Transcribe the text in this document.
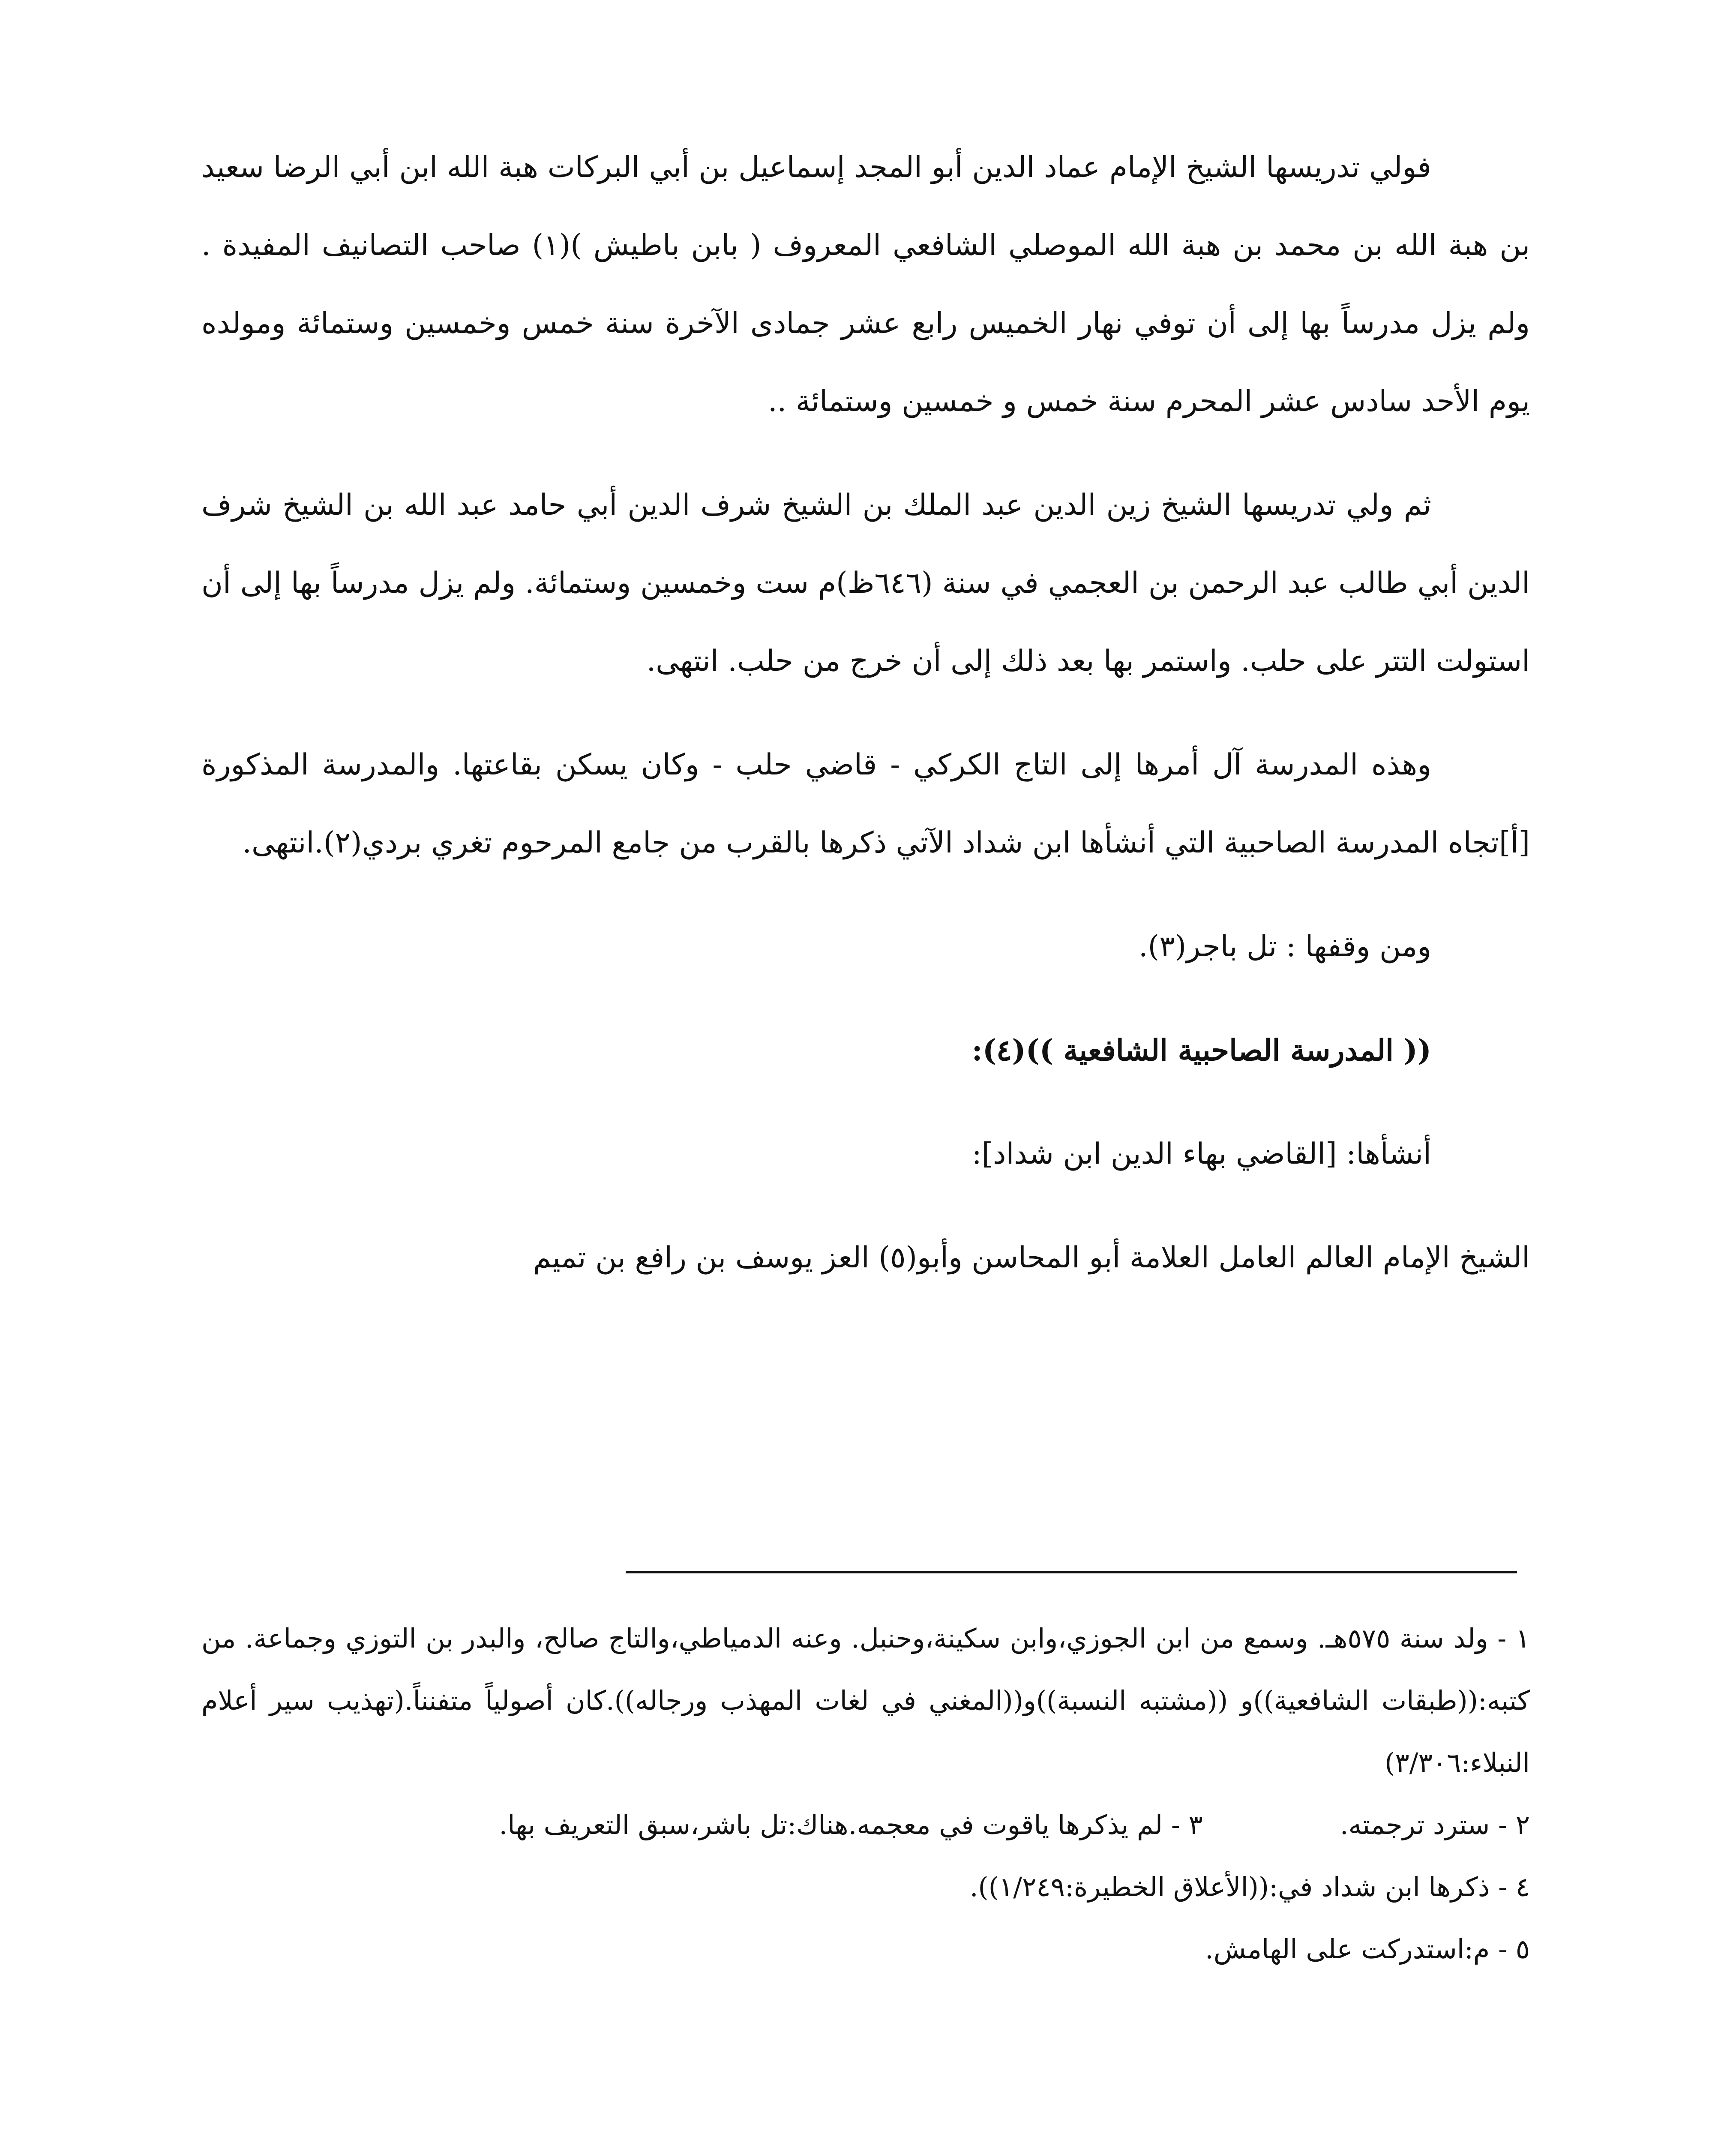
فولي تدريسها الشيخ الإمام عماد الدين أبو المجد إسماعيل بن أبي البركات هبة الله ابن أبي الرضا سعيد بن هبة الله بن محمد بن هبة الله الموصلي الشافعي المعروف ( بابن باطيش )(١) صاحب التصانيف المفيدة . ولم يزل مدرساً بها إلى أن توفي نهار الخميس رابع عشر جمادى الآخرة سنة خمس وخمسين وستمائة ومولده يوم الأحد سادس عشر المحرم سنة خمس و خمسين وستمائة ..

ثم ولي تدريسها الشيخ زين الدين عبد الملك بن الشيخ شرف الدين أبي حامد عبد الله بن الشيخ شرف الدين أبي طالب عبد الرحمن بن العجمي في سنة (٦٤٦ظ)م ست وخمسين وستمائة. ولم يزل مدرساً بها إلى أن استولت التتر على حلب. واستمر بها بعد ذلك إلى أن خرج من حلب. انتهى.

وهذه المدرسة آل أمرها إلى التاج الكركي - قاضي حلب - وكان يسكن بقاعتها. والمدرسة المذكورة [أ]تجاه المدرسة الصاحبية التي أنشأها ابن شداد الآتي ذكرها بالقرب من جامع المرحوم تغري بردي(٢).انتهى.

ومن وقفها : تل باجر(٣).

(( المدرسة الصاحبية الشافعية ))(٤):

أنشأها: [القاضي بهاء الدين ابن شداد]:

الشيخ الإمام العالم العامل العلامة أبو المحاسن وأبو(٥) العز يوسف بن رافع بن تميم

١ - ولد سنة ٥٧٥هـ. وسمع من ابن الجوزي،وابن سكينة،وحنبل. وعنه الدمياطي،والتاج صالح، والبدر بن التوزي وجماعة. من كتبه:((طبقات الشافعية))و ((مشتبه النسبة))و((المغني في لغات المهذب ورجاله)).كان أصولياً متفنناً.(تهذيب سير أعلام النبلاء:٣/٣٠٦)

٢ - سترد ترجمته.٣ - لم يذكرها ياقوت في معجمه.هناك:تل باشر،سبق التعريف بها.

٤ - ذكرها ابن شداد في:((الأعلاق الخطيرة:١/٢٤٩)).

٥ - م:استدركت على الهامش.
